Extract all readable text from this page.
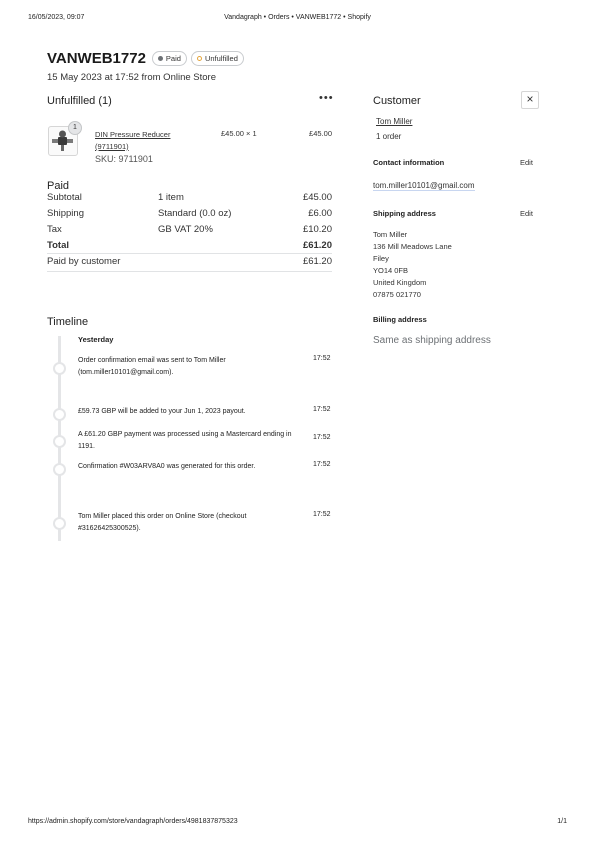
16/05/2023, 09:07	Vandagraph • Orders • VANWEB1772 • Shopify
VANWEB1772	Paid	Unfulfilled
15 May 2023 at 17:52 from Online Store
Unfulfilled (1)	•••
1
DIN Pressure Reducer (9711901)
SKU: 9711901
£45.00 × 1	£45.00
Paid
Subtotal	1 item	£45.00
Shipping	Standard (0.0 oz)	£6.00
Tax	GB VAT 20%	£10.20
Total	£61.20
Paid by customer	£61.20
Timeline
Yesterday
Order confirmation email was sent to Tom Miller (tom.miller10101@gmail.com).
17:52
£59.73 GBP will be added to your Jun 1, 2023 payout.	17:52
A £61.20 GBP payment was processed using a Mastercard ending in 1191.
17:52
Confirmation #W03ARV8A0 was generated for this order.	17:52
Tom Miller placed this order on Online Store (checkout #31626425300525).
17:52
Customer	×
Tom Miller
1 order
Contact information	Edit
tom.miller10101@gmail.com
Shipping address	Edit
Tom Miller
136 Mill Meadows Lane
Filey
YO14 0FB
United Kingdom
07875 021770
Billing address
Same as shipping address
https://admin.shopify.com/store/vandagraph/orders/4981837875323	1/1
